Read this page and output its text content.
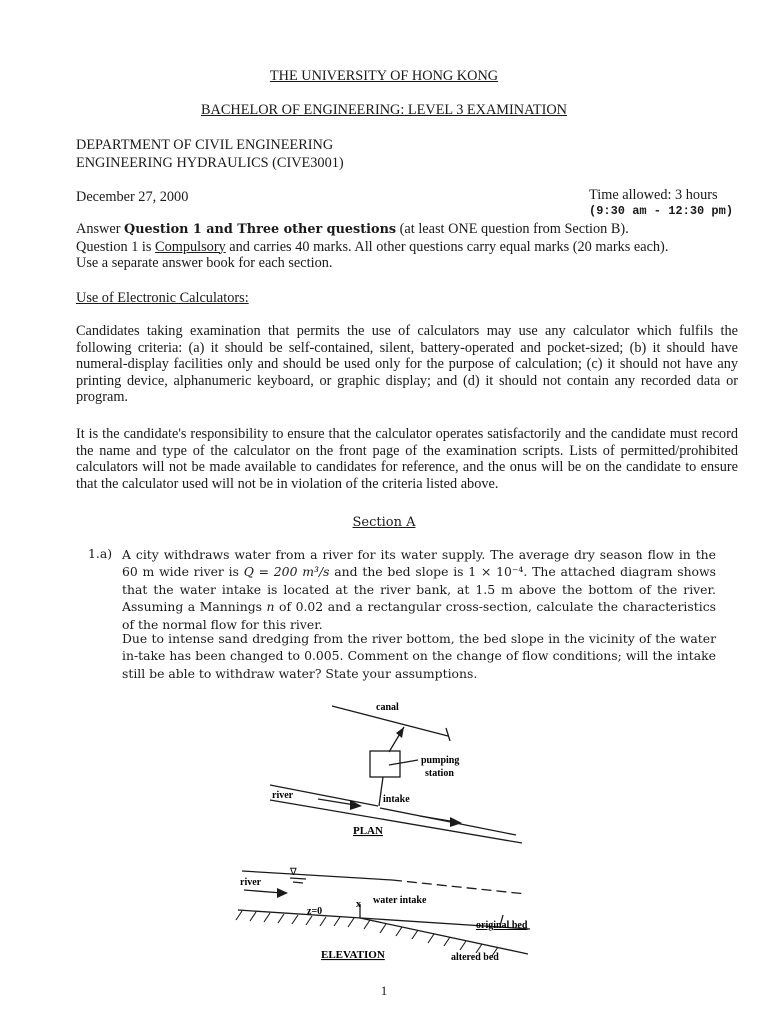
THE UNIVERSITY OF HONG KONG
BACHELOR OF ENGINEERING: LEVEL 3 EXAMINATION
DEPARTMENT OF CIVIL ENGINEERING
ENGINEERING HYDRAULICS (CIVE3001)
December 27, 2000	Time allowed: 3 hours
(9:30 am - 12:30 pm)
Answer Question 1 and Three other questions (at least ONE question from Section B).
Question 1 is Compulsory and carries 40 marks. All other questions carry equal marks (20 marks each).
Use a separate answer book for each section.
Use of Electronic Calculators:
Candidates taking examination that permits the use of calculators may use any calculator which fulfils the following criteria: (a) it should be self-contained, silent, battery-operated and pocket-sized; (b) it should have numeral-display facilities only and should be used only for the purpose of calculation; (c) it should not have any printing device, alphanumeric keyboard, or graphic display; and (d) it should not contain any recorded data or program.
It is the candidate's responsibility to ensure that the calculator operates satisfactorily and the candidate must record the name and type of the calculator on the front page of the examination scripts. Lists of permitted/prohibited calculators will not be made available to candidates for reference, and the onus will be on the candidate to ensure that the calculator used will not be in violation of the criteria listed above.
Section A
1.a) A city withdraws water from a river for its water supply. The average dry season flow in the 60 m wide river is Q = 200 m³/s and the bed slope is 1 × 10⁻⁴. The attached diagram shows that the water intake is located at the river bank, at 1.5 m above the bottom of the river. Assuming a Mannings n of 0.02 and a rectangular cross-section, calculate the characteristics of the normal flow for this river.
Due to intense sand dredging from the river bottom, the bed slope in the vicinity of the water in-take has been changed to 0.005. Comment on the change of flow conditions; will the intake still be able to withdraw water? State your assumptions.
canal
pumping
station
river	intake
PLAN
river
∇
z=0
x water intake
original bed
altered bed
ELEVATION
1
